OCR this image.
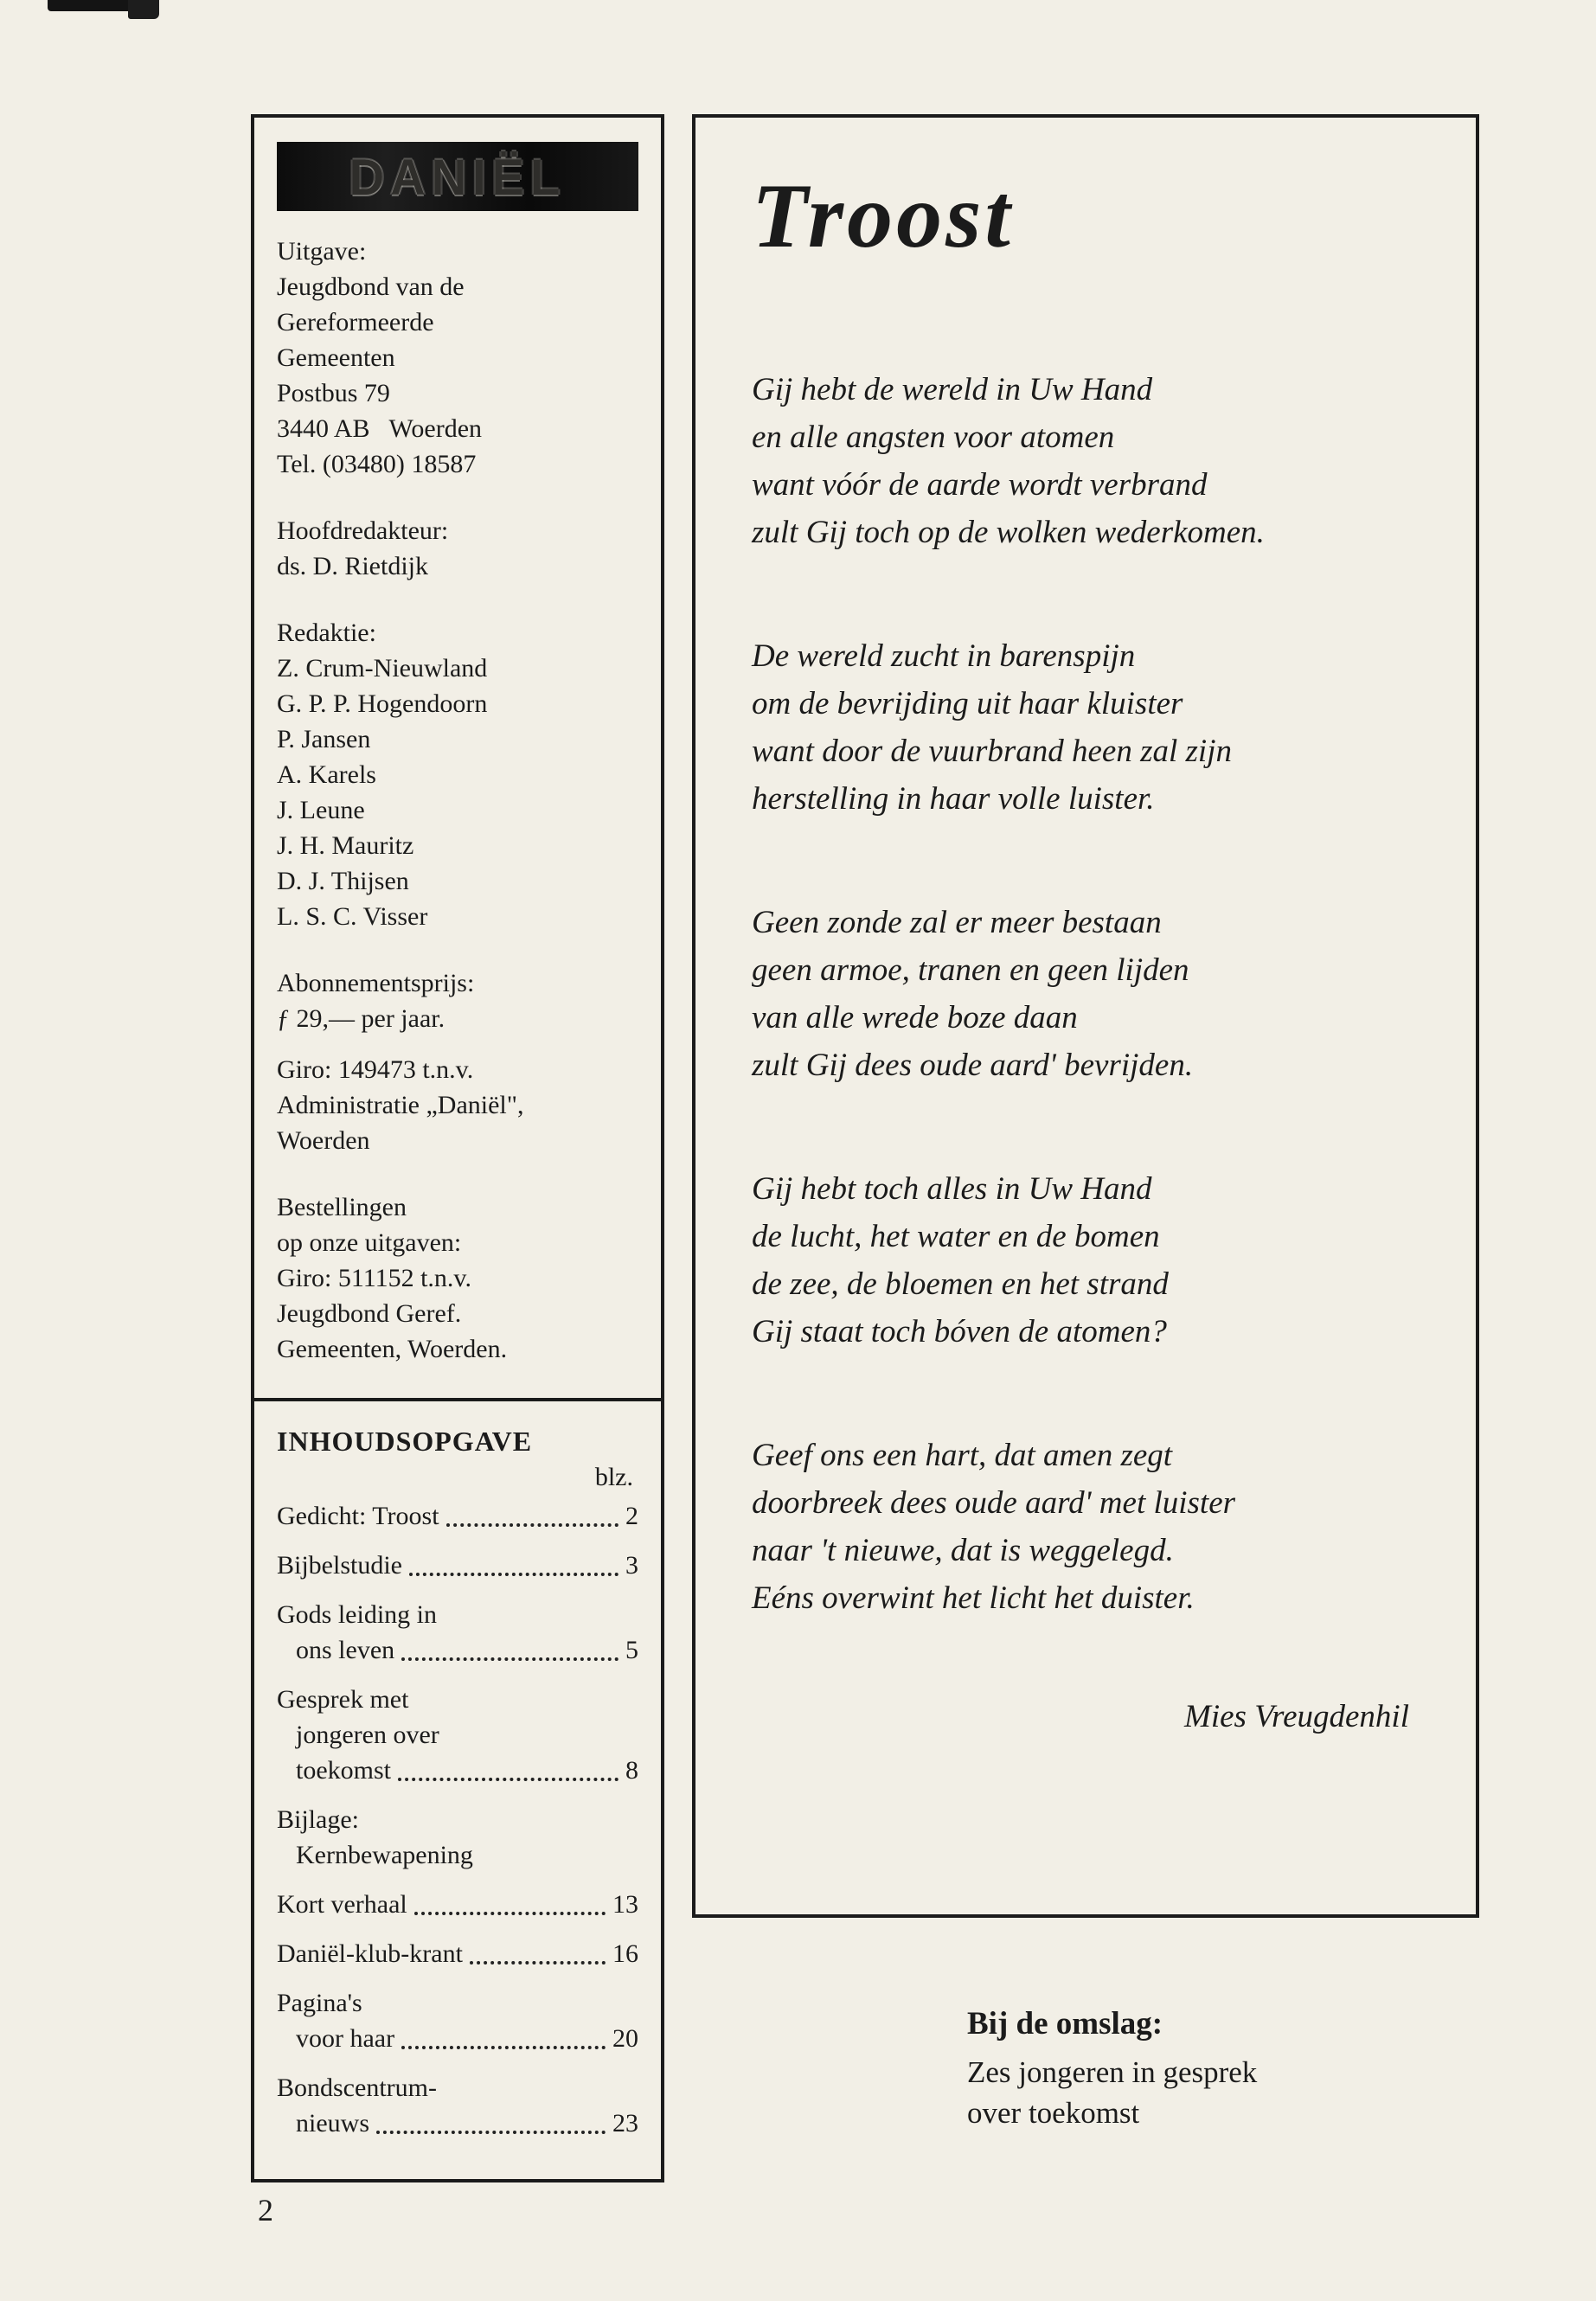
DANIËL
Uitgave:
Jeugdbond van de
Gereformeerde
Gemeenten
Postbus 79
3440 AB   Woerden
Tel. (03480) 18587
Hoofdredakteur:
ds. D. Rietdijk
Redaktie:
Z. Crum-Nieuwland
G. P. P. Hogendoorn
P. Jansen
A. Karels
J. Leune
J. H. Mauritz
D. J. Thijsen
L. S. C. Visser
Abonnementsprijs:
ƒ 29,— per jaar.
Giro: 149473 t.n.v.
Administratie „Daniël",
Woerden
Bestellingen
op onze uitgaven:
Giro: 511152 t.n.v.
Jeugdbond Geref.
Gemeenten, Woerden.
INHOUDSOPGAVE
blz.
Gedicht: Troost	2
Bijbelstudie	3
Gods leiding in
ons leven	5
Gesprek met
jongeren over
toekomst	8
Bijlage:
Kernbewapening
Kort verhaal	13
Daniël-klub-krant	16
Pagina's
voor haar	20
Bondscentrum-
nieuws	23
Troost
Gij hebt de wereld in Uw Hand
en alle angsten voor atomen
want vóór de aarde wordt verbrand
zult Gij toch op de wolken wederkomen.
De wereld zucht in barenspijn
om de bevrijding uit haar kluister
want door de vuurbrand heen zal zijn
herstelling in haar volle luister.
Geen zonde zal er meer bestaan
geen armoe, tranen en geen lijden
van alle wrede boze daan
zult Gij dees oude aard' bevrijden.
Gij hebt toch alles in Uw Hand
de lucht, het water en de bomen
de zee, de bloemen en het strand
Gij staat toch bóven de atomen?
Geef ons een hart, dat amen zegt
doorbreek dees oude aard' met luister
naar 't nieuwe, dat is weggelegd.
Eéns overwint het licht het duister.
Mies Vreugdenhil
Bij de omslag:
Zes jongeren in gesprek
over toekomst
2
